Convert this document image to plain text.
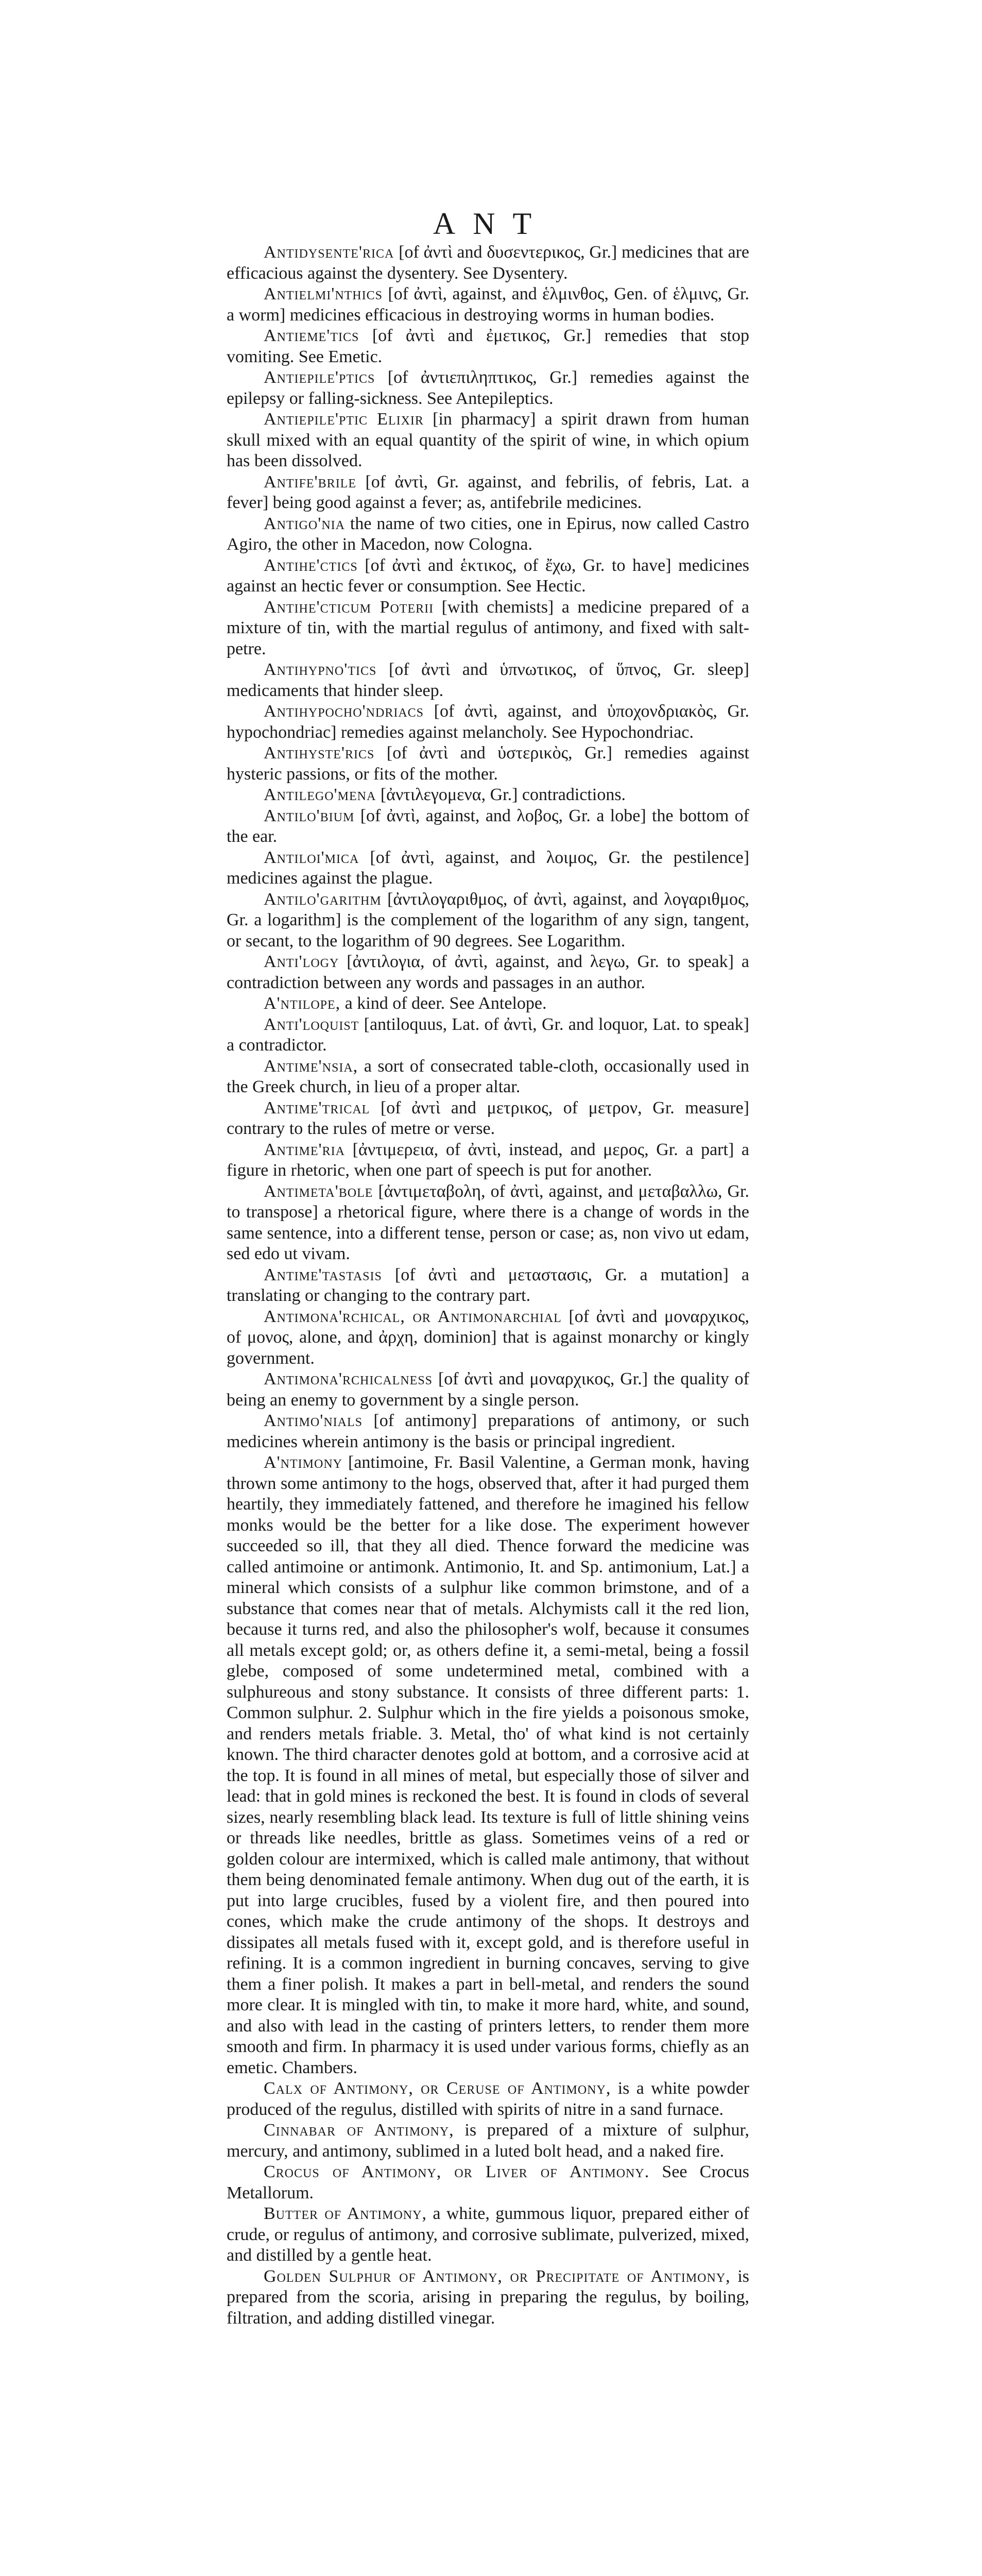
ANT

Antidysente'rica [of ἀντὶ and δυσεντερικος, Gr.] medicines that are efficacious against the dysentery. See Dysentery.

Antielmi'nthics [of ἀντὶ, against, and ἑλμινθος, Gen. of ἑλμινς, Gr. a worm] medicines efficacious in destroying worms in human bodies.

Antieme'tics [of ἀντὶ and ἐμετικος, Gr.] remedies that stop vomiting. See Emetic.

Antiepile'ptics [of ἀντιεπιληπτικος, Gr.] remedies against the epilepsy or falling-sickness. See Antepileptics.

Antiepile'ptic Elixir [in pharmacy] a spirit drawn from human skull mixed with an equal quantity of the spirit of wine, in which opium has been dissolved.

Antife'brile [of ἀντὶ, Gr. against, and febrilis, of febris, Lat. a fever] being good against a fever; as, antifebrile medicines.

Antigo'nia the name of two cities, one in Epirus, now called Castro Agiro, the other in Macedon, now Cologna.

Antihe'ctics [of ἀντὶ and ἑκτικος, of ἔχω, Gr. to have] medicines against an hectic fever or consumption. See Hectic.

Antihe'cticum Poterii [with chemists] a medicine prepared of a mixture of tin, with the martial regulus of antimony, and fixed with salt-petre.

Antihypno'tics [of ἀντὶ and ὑπνωτικος, of ὕπνος, Gr. sleep] medicaments that hinder sleep.

Antihypocho'ndriacs [of ἀντὶ, against, and ὑποχονδριακὸς, Gr. hypochondriac] remedies against melancholy. See Hypochondriac.

Antihyste'rics [of ἀντὶ and ὑστερικὸς, Gr.] remedies against hysteric passions, or fits of the mother.

Antilego'mena [ἀντιλεγομενα, Gr.] contradictions.

Antilo'bium [of ἀντὶ, against, and λοβος, Gr. a lobe] the bottom of the ear.

Antiloi'mica [of ἀντὶ, against, and λοιμος, Gr. the pestilence] medicines against the plague.

Antilo'garithm [ἀντιλογαριθμος, of ἀντὶ, against, and λογαριθμος, Gr. a logarithm] is the complement of the logarithm of any sign, tangent, or secant, to the logarithm of 90 degrees. See Logarithm.

Anti'logy [ἀντιλογια, of ἀντὶ, against, and λεγω, Gr. to speak] a contradiction between any words and passages in an author.

A'ntilope, a kind of deer. See Antelope.

Anti'loquist [antiloquus, Lat. of ἀντὶ, Gr. and loquor, Lat. to speak] a contradictor.

Antime'nsia, a sort of consecrated table-cloth, occasionally used in the Greek church, in lieu of a proper altar.

Antime'trical [of ἀντὶ and μετρικος, of μετρον, Gr. measure] contrary to the rules of metre or verse.

Antime'ria [ἀντιμερεια, of ἀντὶ, instead, and μερος, Gr. a part] a figure in rhetoric, when one part of speech is put for another.

Antimeta'bole [ἀντιμεταβολη, of ἀντὶ, against, and μεταβαλλω, Gr. to transpose] a rhetorical figure, where there is a change of words in the same sentence, into a different tense, person or case; as, non vivo ut edam, sed edo ut vivam.

Antime'tastasis [of ἀντὶ and μεταστασις, Gr. a mutation] a translating or changing to the contrary part.

Antimona'rchical, or Antimonarchial [of ἀντὶ and μοναρχικος, of μονος, alone, and ἀρχη, dominion] that is against monarchy or kingly government.

Antimona'rchicalness [of ἀντὶ and μοναρχικος, Gr.] the quality of being an enemy to government by a single person.

Antimo'nials [of antimony] preparations of antimony, or such medicines wherein antimony is the basis or principal ingredient.

A'ntimony [antimoine, Fr. Basil Valentine, a German monk, having thrown some antimony to the hogs, observed that, after it had purged them heartily, they immediately fattened, and therefore he imagined his fellow monks would be the better for a like dose. The experiment however succeeded so ill, that they all died. Thence forward the medicine was called antimoine or antimonk. Antimonio, It. and Sp. antimonium, Lat.] a mineral which consists of a sulphur like common brimstone, and of a substance that comes near that of metals. Alchymists call it the red lion, because it turns red, and also the philosopher's wolf, because it consumes all metals except gold; or, as others define it, a semi-metal, being a fossil glebe, composed of some undetermined metal, combined with a sulphureous and stony substance. It consists of three different parts: 1. Common sulphur. 2. Sulphur which in the fire yields a poisonous smoke, and renders metals friable. 3. Metal, tho' of what kind is not certainly known. The third character denotes gold at bottom, and a corrosive acid at the top. It is found in all mines of metal, but especially those of silver and lead: that in gold mines is reckoned the best. It is found in clods of several sizes, nearly resembling black lead. Its texture is full of little shining veins or threads like needles, brittle as glass. Sometimes veins of a red or golden colour are intermixed, which is called male antimony, that without them being denominated female antimony. When dug out of the earth, it is put into large crucibles, fused by a violent fire, and then poured into cones, which make the crude antimony of the shops. It destroys and dissipates all metals fused with it, except gold, and is therefore useful in refining. It is a common ingredient in burning concaves, serving to give them a finer polish. It makes a part in bell-metal, and renders the sound more clear. It is mingled with tin, to make it more hard, white, and sound, and also with lead in the casting of printers letters, to render them more smooth and firm. In pharmacy it is used under various forms, chiefly as an emetic. Chambers.

Calx of Antimony, or Ceruse of Antimony, is a white powder produced of the regulus, distilled with spirits of nitre in a sand furnace.

Cinnabar of Antimony, is prepared of a mixture of sulphur, mercury, and antimony, sublimed in a luted bolt head, and a naked fire.

Crocus of Antimony, or Liver of Antimony. See Crocus Metallorum.

Butter of Antimony, a white, gummous liquor, prepared either of crude, or regulus of antimony, and corrosive sublimate, pulverized, mixed, and distilled by a gentle heat.

Golden Sulphur of Antimony, or Precipitate of Antimony, is prepared from the scoria, arising in preparing the regulus, by boiling, filtration, and adding distilled vinegar.
